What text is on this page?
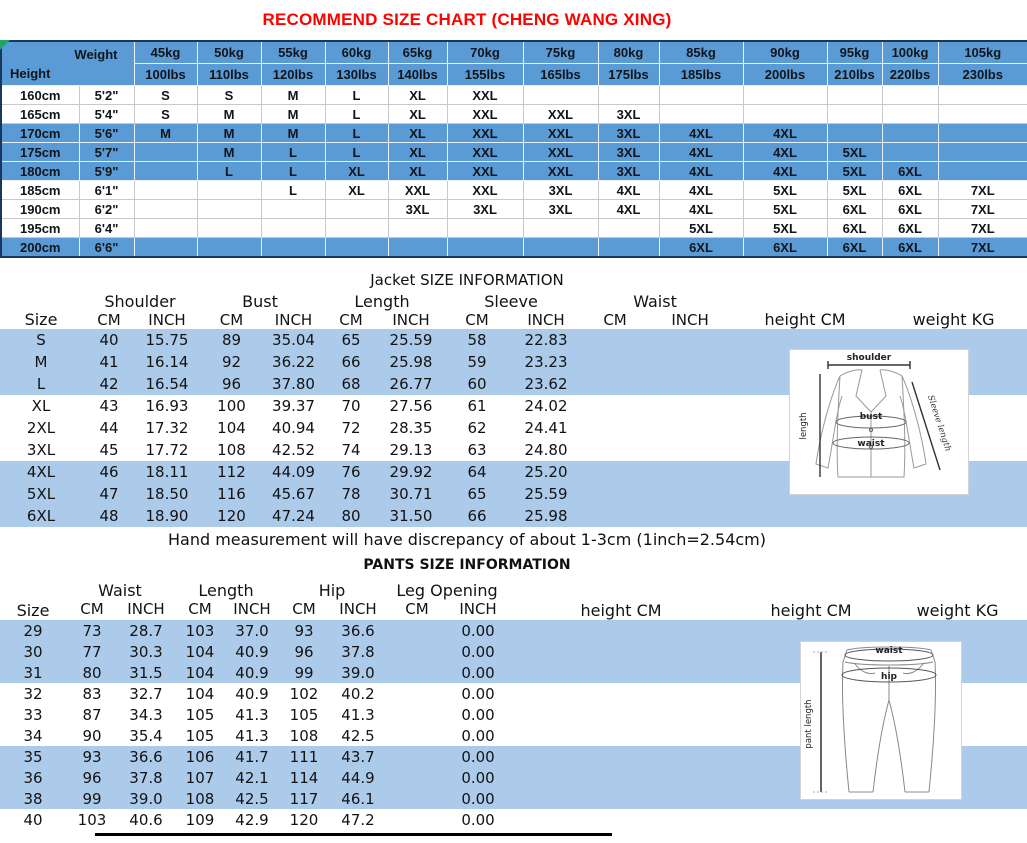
RECOMMEND SIZE CHART (CHENG WANG XING)
Weight
Height		45kg	50kg	55kg	60kg	65kg	70kg	75kg	80kg	85kg	90kg	95kg	100kg	105kg
		100lbs	110lbs	120lbs	130lbs	140lbs	155lbs	165lbs	175lbs	185lbs	200lbs	210lbs	220lbs	230lbs
160cm	5'2"	S	S	M	L	XL	XXL							
165cm	5'4"	S	M	M	L	XL	XXL	XXL	3XL					
170cm	5'6"	M	M	M	L	XL	XXL	XXL	3XL	4XL	4XL			
175cm	5'7"		M	L	L	XL	XXL	XXL	3XL	4XL	4XL	5XL		
180cm	5'9"		L	L	XL	XL	XXL	XXL	3XL	4XL	4XL	5XL	6XL	
185cm	6'1"			L	XL	XXL	XXL	3XL	4XL	4XL	5XL	5XL	6XL	7XL
190cm	6'2"					3XL	3XL	3XL	4XL	4XL	5XL	6XL	6XL	7XL
195cm	6'4"									5XL	5XL	6XL	6XL	7XL
200cm	6'6"									6XL	6XL	6XL	6XL	7XL
Jacket SIZE INFORMATION
Size	Shoulder		Bust		Length		Sleeve		Waist		height CM	weight KG
	CM	INCH	CM	INCH	CM	INCH	CM	INCH	CM	INCH		
S	40	15.75	89	35.04	65	25.59	58	22.83				
M	41	16.14	92	36.22	66	25.98	59	23.23				
L	42	16.54	96	37.80	68	26.77	60	23.62				
XL	43	16.93	100	39.37	70	27.56	61	24.02				
2XL	44	17.32	104	40.94	72	28.35	62	24.41				
3XL	45	17.72	108	42.52	74	29.13	63	24.80				
4XL	46	18.11	112	44.09	76	29.92	64	25.20				
5XL	47	18.50	116	45.67	78	30.71	65	25.59				
6XL	48	18.90	120	47.24	80	31.50	66	25.98				
Hand measurement will have discrepancy of about 1-3cm (1inch=2.54cm)
PANTS SIZE INFORMATION
Size	Waist		Length		Hip		Leg Opening		height CM	height CM	weight KG
	CM	INCH	CM	INCH	CM	INCH	CM	INCH			
29	73	28.7	103	37.0	93	36.6		0.00			
30	77	30.3	104	40.9	96	37.8		0.00			
31	80	31.5	104	40.9	99	39.0		0.00			
32	83	32.7	104	40.9	102	40.2		0.00			
33	87	34.3	105	41.3	105	41.3		0.00			
34	90	35.4	105	41.3	108	42.5		0.00			
35	93	36.6	106	41.7	111	43.7		0.00			
36	96	37.8	107	42.1	114	44.9		0.00			
38	99	39.0	108	42.5	117	46.1		0.00			
40	103	40.6	109	42.9	120	47.2		0.00			
shoulder
length	bust
waist	Sleeve length
waist
hip
pant length
